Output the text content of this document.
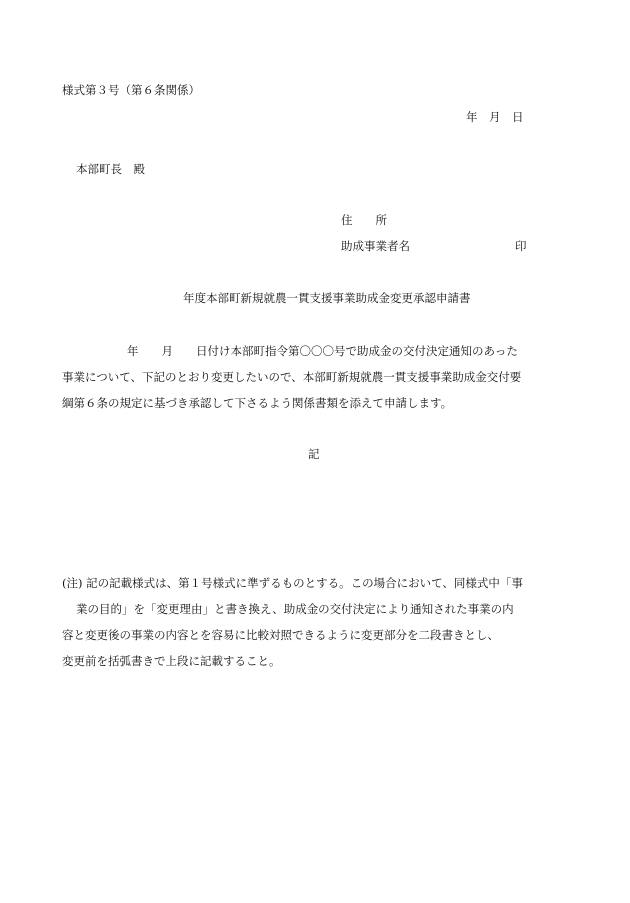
様式第３号（第６条関係）
年　月　日
本部町長　殿
住　　所
助成事業者名	印
年度本部町新規就農一貫支援事業助成金変更承認申請書
年　　月　　日付け本部町指令第〇〇〇号で助成金の交付決定通知のあった
事業について、下記のとおり変更したいので、本部町新規就農一貫支援事業助成金交付要
綱第６条の規定に基づき承認して下さるよう関係書類を添えて申請します。
記
(注) 記の記載様式は、第１号様式に準ずるものとする。この場合において、同様式中「事
業の目的」を「変更理由」と書き換え、助成金の交付決定により通知された事業の内
容と変更後の事業の内容とを容易に比較対照できるように変更部分を二段書きとし、
変更前を括弧書きで上段に記載すること。
